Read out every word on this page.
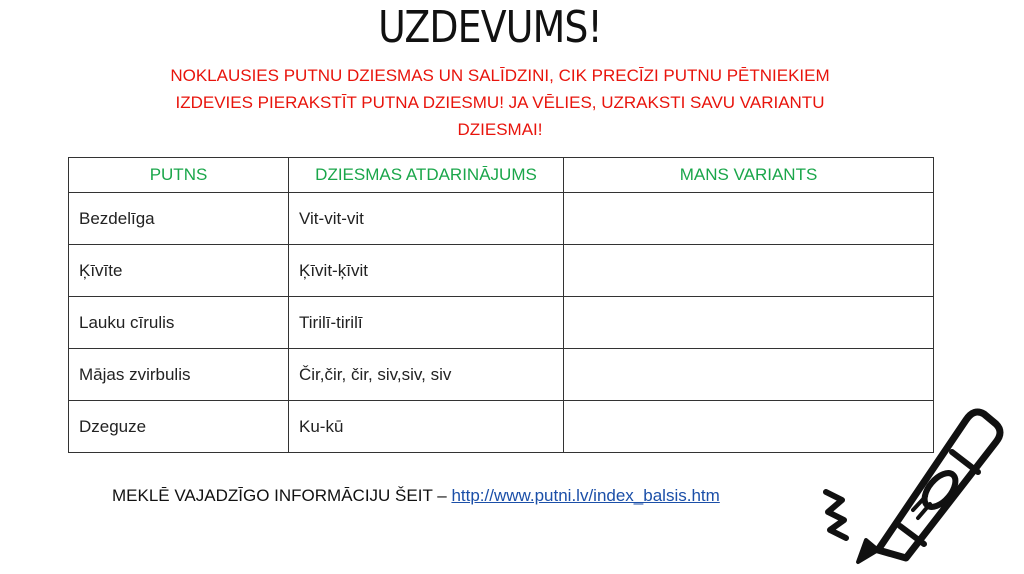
UZDEVUMS!
NOKLAUSIES PUTNU DZIESMAS UN SALĪDZINI, CIK PRECĪZI PUTNU PĒTNIEKIEM
IZDEVIES PIERAKSTĪT PUTNA DZIESMU! JA VĒLIES, UZRAKSTI SAVU VARIANTU
DZIESMAI!
PUTNS	DZIESMAS ATDARINĀJUMS	MANS VARIANTS
Bezdelīga	Vit-vit-vit	
Ķīvīte	Ķīvit-ķīvit	
Lauku cīrulis	Tirilī-tirilī	
Mājas zvirbulis	Čir,čir, čir, siv,siv, siv	
Dzeguze	Ku-kū	
MEKLĒ VAJADZĪGO INFORMĀCIJU ŠEIT – http://www.putni.lv/index_balsis.htm
